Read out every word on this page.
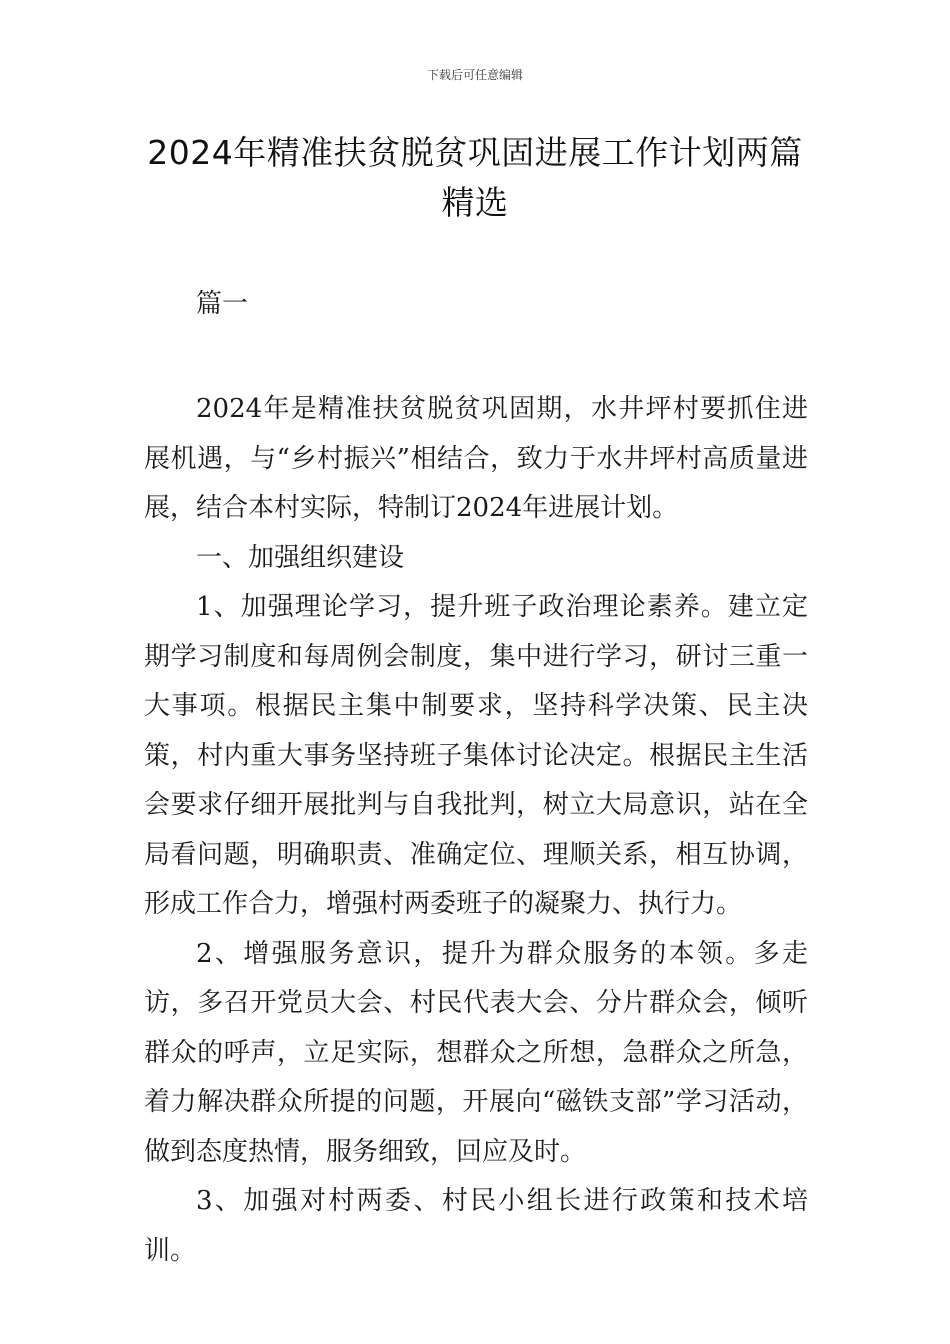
下载后可任意编辑
2024年精准扶贫脱贫巩固进展工作计划两篇精选

篇一

2024年是精准扶贫脱贫巩固期，水井坪村要抓住进展机遇，与“乡村振兴”相结合，致力于水井坪村高质量进展，结合本村实际，特制订2024年进展计划。

一、加强组织建设

1、加强理论学习，提升班子政治理论素养。建立定期学习制度和每周例会制度，集中进行学习，研讨三重一大事项。根据民主集中制要求，坚持科学决策、民主决策，村内重大事务坚持班子集体讨论决定。根据民主生活会要求仔细开展批判与自我批判，树立大局意识，站在全局看问题，明确职责、准确定位、理顺关系，相互协调，形成工作合力，增强村两委班子的凝聚力、执行力。

2、增强服务意识，提升为群众服务的本领。多走访，多召开党员大会、村民代表大会、分片群众会，倾听群众的呼声，立足实际，想群众之所想，急群众之所急，着力解决群众所提的问题，开展向“磁铁支部”学习活动，做到态度热情，服务细致，回应及时。

3、加强对村两委、村民小组长进行政策和技术培训。
